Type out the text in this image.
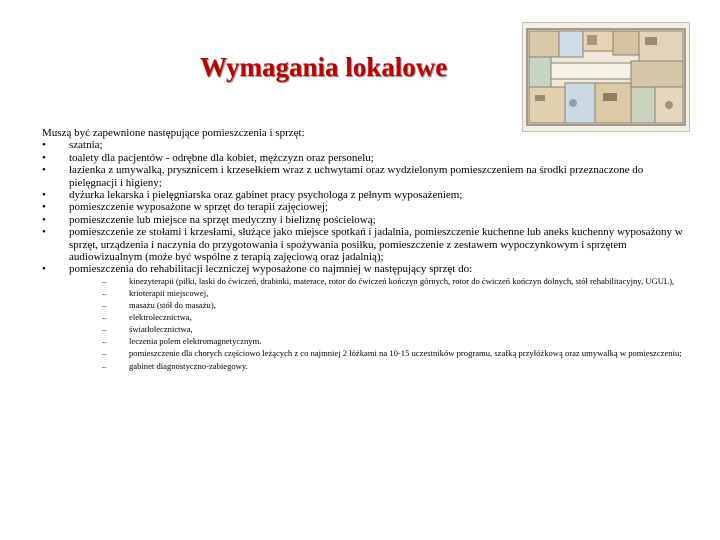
Wymagania lokalowe

Muszą być zapewnione następujące pomieszczenia i sprzęt:

•	szatnia;
•	toalety dla pacjentów - odrębne dla kobiet, mężczyzn oraz personelu;
•	łazienka z umywalką, prysznicem i krzesełkiem wraz z uchwytami oraz wydzielonym pomieszczeniem na środki przeznaczone do pielęgnacji i higieny;
•	dyżurka lekarska i pielęgniarska oraz gabinet pracy psychologa z pełnym wyposażeniem;
•	pomieszczenie wyposażone w sprzęt do terapii zajęciowej;
•	pomieszczenie lub miejsce na sprzęt medyczny i bieliznę pościelową;
•	pomieszczenie ze stołami i krzesłami, służące jako miejsce spotkań i jadalnia, pomieszczenie kuchenne lub aneks kuchenny wyposażony w sprzęt, urządzenia i naczynia do przygotowania i spożywania posiłku, pomieszczenie z zestawem wypoczynkowym i sprzętem audiowizualnym (może być wspólne z terapią zajęciową oraz jadalnią);
•	pomieszczenia do rehabilitacji leczniczej wyposażone co najmniej w następujący sprzęt do:
–	kinezyterapii (piłki, laski do ćwiczeń, drabinki, materace, rotor do ćwiczeń kończyn górnych, rotor do ćwiczeń kończyn dolnych, stół rehabilitacyjny, UGUL),
–	krioterapii miejscowej,
–	masażu (stół do masażu),
–	elektrolecznictwa,
–	światłolecznictwa,
–	leczenia polem elektromagnetycznym.
–	pomieszczenie dla chorych częściowo leżących z co najmniej 2 łóżkami na 10-15 uczestników programu, szafką przyłóżkową oraz umywalką w pomieszczeniu;
–	gabinet diagnostyczno-zabiegowy.
